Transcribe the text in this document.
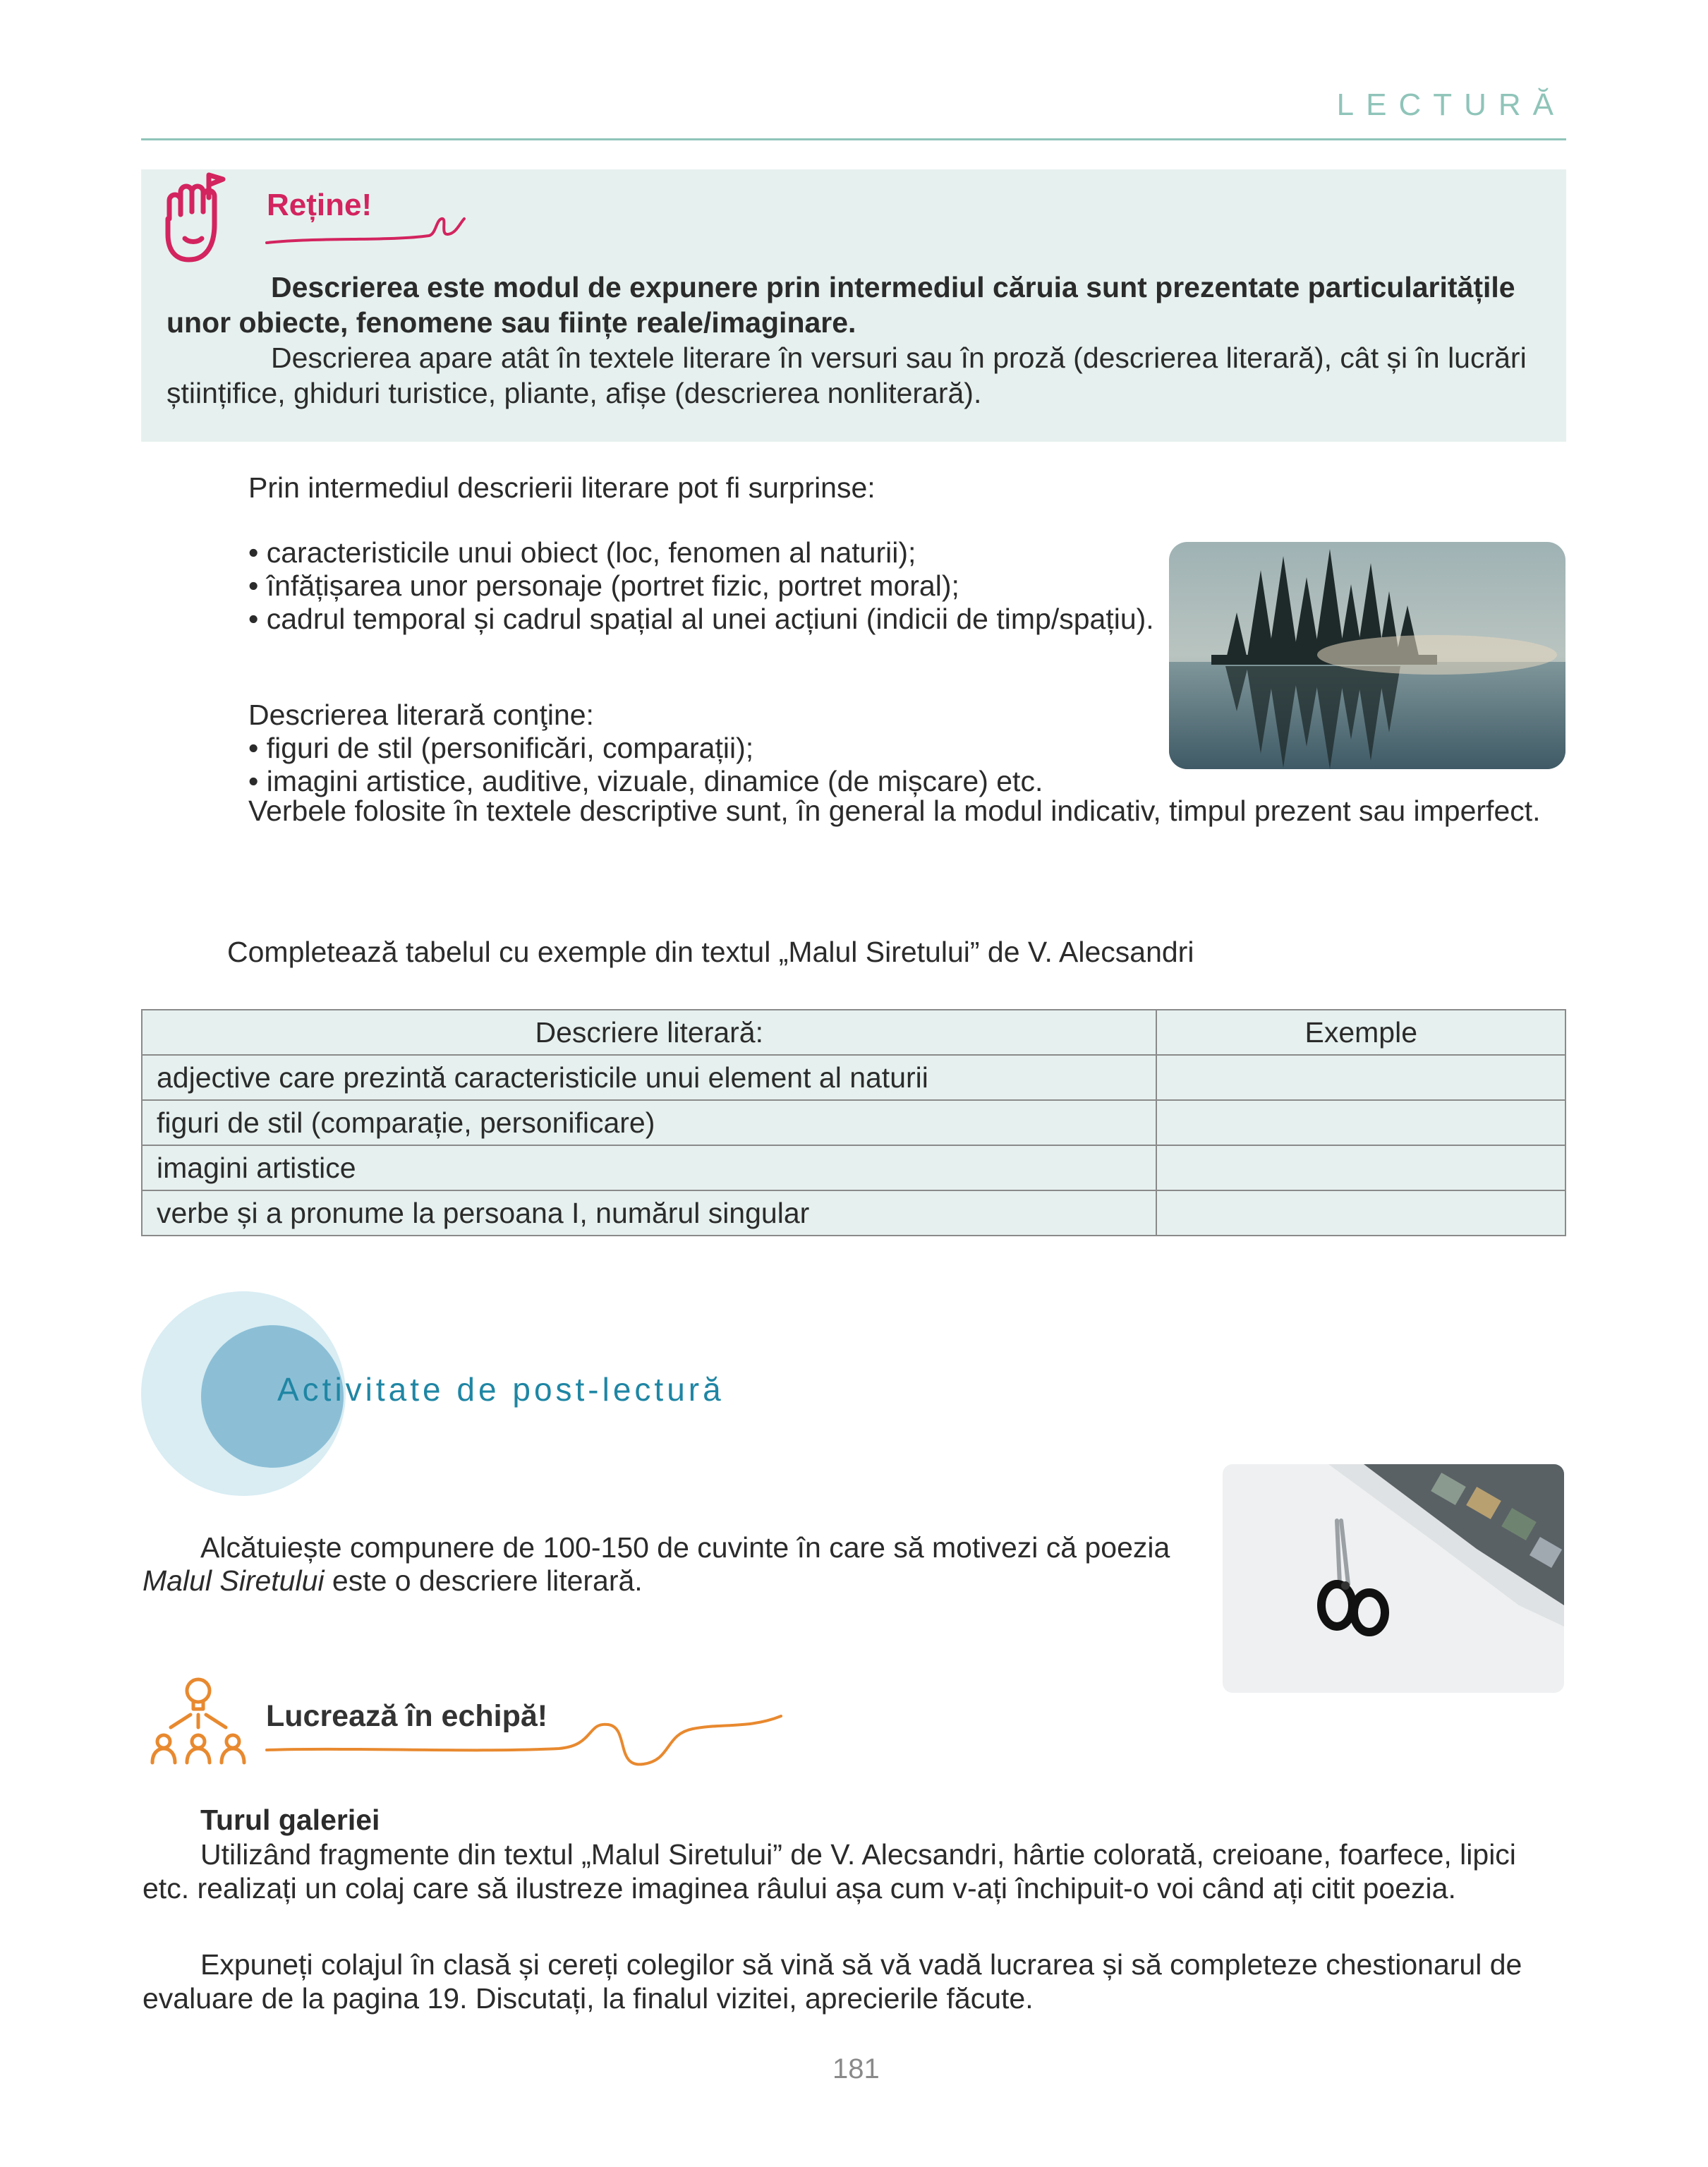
LECTURĂ
Reține!
Descrierea este modul de expunere prin intermediul căruia sunt prezentate particularitățile unor obiecte, fenomene sau ființe reale/imaginare.
Descrierea apare atât în textele literare în versuri sau în proză (descrierea literară), cât și în lucrări științifice, ghiduri turistice, pliante, afișe (descrierea nonliterară).
Prin intermediul descrierii literare pot fi surprinse:
• caracteristicile unui obiect (loc, fenomen al naturii);
• înfățișarea unor personaje (portret fizic, portret moral);
• cadrul temporal și cadrul spațial al unei acțiuni (indicii de timp/spațiu).
Descrierea literară conţine:
• figuri de stil (personificări, comparații);
• imagini artistice, auditive, vizuale, dinamice (de mișcare) etc.
Verbele folosite în textele descriptive sunt, în general la modul indicativ, timpul prezent sau imperfect.
Completează tabelul cu exemple din textul „Malul Siretului” de V. Alecsandri
Descriere literară:	Exemple
adjective care prezintă caracteristicile unui element al naturii	
figuri de stil (comparație, personificare)	
imagini artistice	
verbe și a pronume la persoana I, numărul singular	
Activitate de post-lectură
Alcătuiește compunere de 100-150 de cuvinte în care să motivezi că poezia Malul Siretului este o descriere literară.
Lucrează în echipă!
Turul galeriei
Utilizând fragmente din textul „Malul Siretului” de V. Alecsandri, hârtie colorată, creioane, foarfece, lipici etc. realizați un colaj care să ilustreze imaginea râului așa cum v-ați închipuit-o voi când ați citit poezia.
Expuneți colajul în clasă și cereți colegilor să vină să vă vadă lucrarea și să completeze chestionarul de evaluare de la pagina 19. Discutați, la finalul vizitei, aprecierile făcute.
181
